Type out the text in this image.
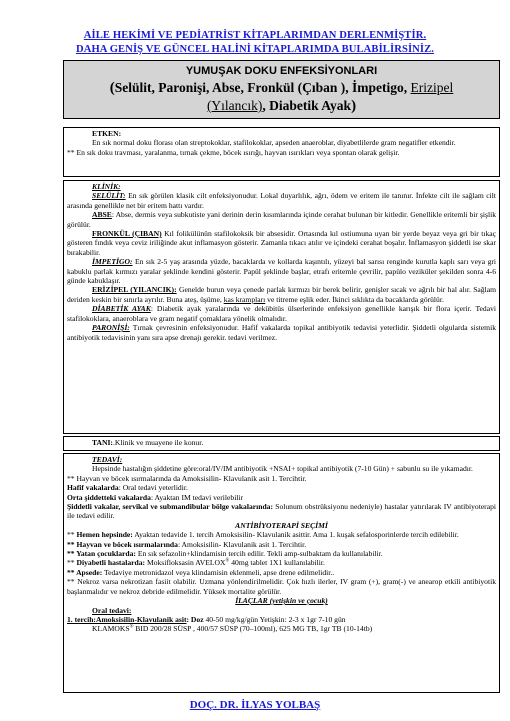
AİLE HEKİMİ VE PEDİATRİST KİTAPLARIMDAN DERLENMİŞTİR.
DAHA GENİŞ VE GÜNCEL HALİNİ KİTAPLARIMDA BULABİLİRSİNİZ.
YUMUŞAK DOKU ENFEKSİYONLARI
(Selülit, Paronişi, Abse, Fronkül (Çıban ), İmpetigo, Erizipel
(Yılancık), Diabetik Ayak)

ETKEN:

En sık normal doku florası olan streptokoklar, stafilokoklar, apseden anaeroblar, diyabetlilerde gram negatifler etkendir.

** En sık doku travması, yaralanma, tırnak çekme, böcek ısırığı, hayvan ısırıkları veya spontan olarak gelişir.

KLİNİK:

SELÜLİT: En sık görülen klasik cilt enfeksiyonudur. Lokal duyarlılık, ağrı, ödem ve eritem ile tanınır. İnfekte cilt ile sağlam cilt arasında genellikle net bir eritem hattı vardır.

ABSE: Abse, dermis veya subkutiste yani derinin derin kısımlarında içinde cerahat bulunan bir kitledir. Genellikle eritemli bir şişlik görülür.

FRONKÜL (ÇIBAN) Kıl folikülünün stafilokoksik bir absesidir. Ortasında kıl ostiumuna uyan bir yerde beyaz veya gri bir tıkaç gösteren fındık veya ceviz iriliğinde akut inflamasyon gösterir. Zamanla tıkacı atılır ve içindeki cerahat boşalır. İnflamasyon şiddetli ise skar bırakabilir.

İMPETİGO: En sık 2-5 yaş arasında yüzde, bacaklarda ve kollarda kaşıntılı, yüzeyi bal sarısı renginde kurutla kaplı sarı veya gri kabuklu parlak kırmızı yaralar şeklinde kendini gösterir. Papül şeklinde başlar, etrafı eritemle çevrilir, papülo veziküler şekilden sonra 4-6 günde kabuklaşır.

ERİZİPEL (YILANCIK): Genelde burun veya çenede parlak kırmızı bir berek belirir, genişler sıcak ve ağrılı bir hal alır. Sağlam deriden keskin bir sınırla ayrılır. Buna ateş, üşüme, kas krampları ve titreme eşlik eder. İkinci sıklıkta da bacaklarda görülür.

DİABETİK AYAK: Diabetik ayak yaralarında ve dekübitüs ülserlerinde enfeksiyon genellikle karışık bir flora içerir. Tedavi stafilokoklara, anaeroblara ve gram negatif çomaklara yönelik olmalıdır.

PARONİŞİ: Tırnak çevresinin enfeksiyonudur. Hafif vakalarda topikal antibiyotik tedavisi yeterlidir. Şiddetli olgularda sistemik antibiyotik tedavisinin yanı sıra apse drenajı gerekir. tedavi verilmez.

TANI:.Klinik ve muayene ile konur.

TEDAVİ:

Hepsinde hastalığın şiddetine göre:oral/IV/IM antibiyotik +NSAI+ topikal antibiyotik (7-10 Gün) + sabunlu su ile yıkamadır.

** Hayvan ve böcek ısırmalarında da Amoksisilin- Klavulanik asit 1. Tercihtir.

Hafif vakalarda: Oral tedavi yeterlidir.

Orta şiddetteki vakalarda: Ayaktan IM tedavi verilebilir

Şiddetli vakalar, servikal ve submandibular bölge vakalarında: Solunum obstrüksiyonu nedeniyle) hastalar yatırılarak IV antibiyoterapi ile tedavi edilir.

ANTİBİYOTERAPİ SEÇİMİ

** Hemen hepsinde: Ayaktan tedavide 1. tercih Amoksisilin- Klavulanik asittir. Ama 1. kuşak sefalosporinlerde tercih edilebilir.

** Hayvan ve böcek ısırmalarında: Amoksisilin- Klavulanik asit 1. Tercihtir.

** Yatan çocuklarda: En sık sefazolin+klindamisin tercih edilir. Tekli amp-sulbaktam da kullanılabilir.

** Diyabetli hastalarda: Moksifloksasin AVELOX® 40mg tablet 1X1 kullanılabilir.

** Apsede: Tedaviye metronidazol veya klindamisin eklenmeli, apse drene edilmelidir..

** Nekroz varsa nekrotizan fasiit olabilir. Uzmana yönlendirilmelidir. Çok hızlı ilerler, IV gram (+), gram(-) ve anearop etkili antibiyotik başlanmalıdır ve nekroz debride edilmelidir. Yüksek mortalite görülür.

İLAÇLAR (yetişkin ve çocuk)

Oral tedavi:

1. tercih:Amoksisilin-Klavulanik asit: Doz 40-50 mg/kg/gün Yetişkin: 2-3 x 1gr 7-10 gün

KLAMOKS® BID 200/28 SÜSP , 400/57 SÜSP (70–100ml), 625 MG TB, 1gr TB (10-14tb)

DOÇ. DR. İLYAS YOLBAŞ
